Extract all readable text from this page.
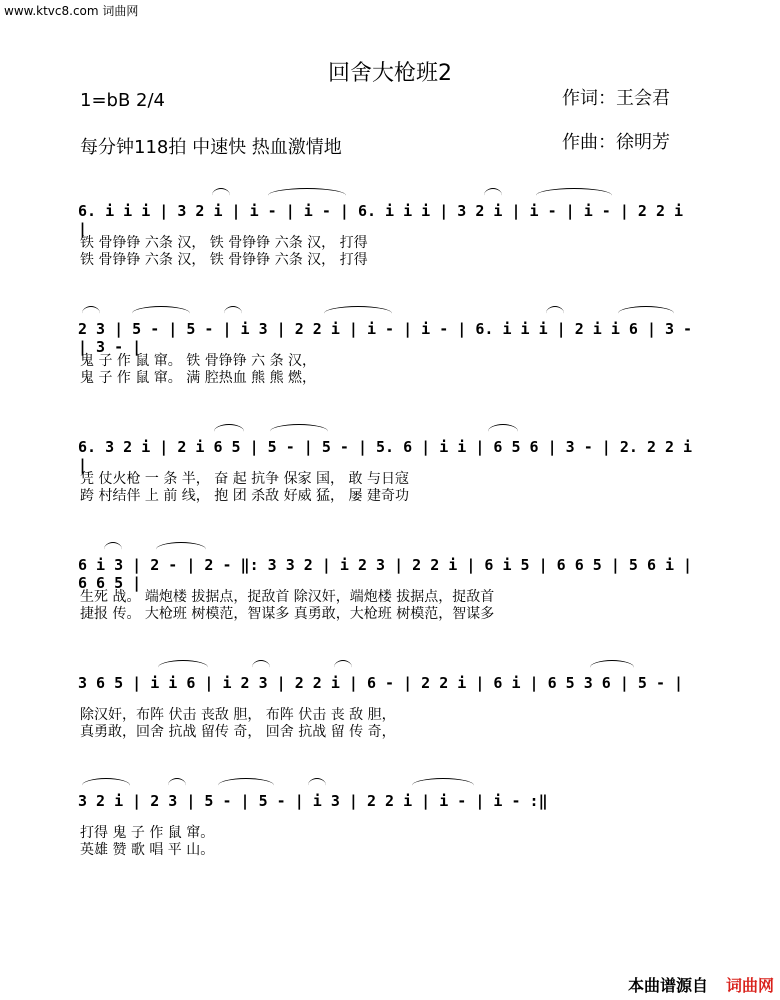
www.ktvc8.com 词曲网
回舍大枪班2
1=bB 2/4	作词：王会君
每分钟118拍 中速快 热血激情地	作曲：徐明芳
6. i i i | 3 2 i | i - | i - | 6. i i i | 3 2 i | i - | i - | 2 2 i |
铁 骨铮铮 六条 汉， 铁 骨铮铮 六条 汉， 打得
铁 骨铮铮 六条 汉， 铁 骨铮铮 六条 汉， 打得
2 3 | 5 - | 5 - | i 3 | 2 2 i | i - | i - | 6. i i i | 2 i i 6 | 3 - | 3 - |
鬼 子 作 鼠 窜。 铁 骨铮铮 六 条 汉，
鬼 子 作 鼠 窜。 满 腔热血 熊 熊 燃，
6. 3 2 i | 2 i 6 5 | 5 - | 5 - | 5. 6 | i i | 6 5 6 | 3 - | 2. 2 2 i |
凭 仗火枪 一 条 半， 奋 起 抗争 保家 国， 敢 与日寇
跨 村结伴 上 前 线， 抱 团 杀敌 好威 猛， 屡 建奇功
6 i 3 | 2 - | 2 - ‖: 3 3 2 | i 2 3 | 2 2 i | 6 i 5 | 6 6 5 | 5 6 i | 6 6 5 |
生死 战。 端炮楼 拔据点，捉敌首 除汉奸，端炮楼 拔据点，捉敌首
捷报 传。 大枪班 树模范，智谋多 真勇敢，大枪班 树模范，智谋多
3 6 5 | i i 6 | i 2 3 | 2 2 i | 6 - | 2 2 i | 6 i | 6 5 3 6 | 5 - |
除汉奸，布阵 伏击 丧敌 胆， 布阵 伏击 丧 敌 胆，
真勇敢，回舍 抗战 留传 奇， 回舍 抗战 留 传 奇，
3 2 i | 2 3 | 5 - | 5 - | i 3 | 2 2 i | i - | i - :‖
打得 鬼 子 作 鼠 窜。
英雄 赞 歌 唱 平 山。
本曲谱源自 词曲网
